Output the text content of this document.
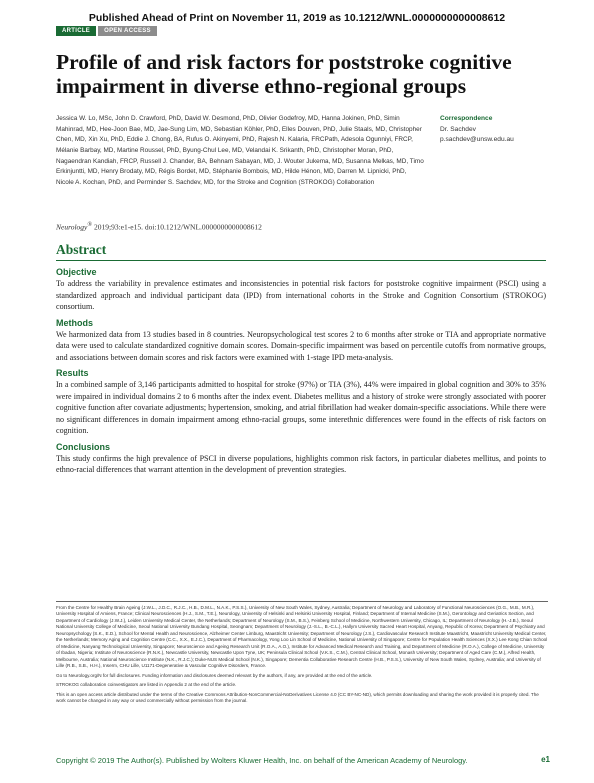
Published Ahead of Print on November 11, 2019 as 10.1212/WNL.0000000000008612
ARTICLE	OPEN ACCESS
Profile of and risk factors for poststroke cognitive impairment in diverse ethno-regional groups
Jessica W. Lo, MSc, John D. Crawford, PhD, David W. Desmond, PhD, Olivier Godefroy, MD, Hanna Jokinen, PhD, Simin Mahinrad, MD, Hee-Joon Bae, MD, Jae-Sung Lim, MD, Sebastian Köhler, PhD, Elles Douven, PhD, Julie Staals, MD, Christopher Chen, MD, Xin Xu, PhD, Eddie J. Chong, BA, Rufus O. Akinyemi, PhD, Rajesh N. Kalaria, FRCPath, Adesola Ogunniyi, FRCP, Mélanie Barbay, MD, Martine Roussel, PhD, Byung-Chul Lee, MD, Velandai K. Srikanth, PhD, Christopher Moran, PhD, Nagaendran Kandiah, FRCP, Russell J. Chander, BA, Behnam Sabayan, MD, J. Wouter Jukema, MD, Susanna Melkas, MD, Timo Erkinjuntti, MD, Henry Brodaty, MD, Régis Bordet, MD, Stéphanie Bombois, MD, Hilde Hénon, MD, Darren M. Lipnicki, PhD, Nicole A. Kochan, PhD, and Perminder S. Sachdev, MD, for the Stroke and Cognition (STROKOG) Collaboration
Correspondence
Dr. Sachdev
p.sachdev@unsw.edu.au
Neurology® 2019;93:e1-e15. doi:10.1212/WNL.0000000000008612
Abstract
Objective

To address the variability in prevalence estimates and inconsistencies in potential risk factors for poststroke cognitive impairment (PSCI) using a standardized approach and individual participant data (IPD) from international cohorts in the Stroke and Cognition Consortium (STROKOG) consortium.

Methods

We harmonized data from 13 studies based in 8 countries. Neuropsychological test scores 2 to 6 months after stroke or TIA and appropriate normative data were used to calculate standardized cognitive domain scores. Domain-specific impairment was based on percentile cutoffs from normative groups, and associations between domain scores and risk factors were examined with 1-stage IPD meta-analysis.

Results

In a combined sample of 3,146 participants admitted to hospital for stroke (97%) or TIA (3%), 44% were impaired in global cognition and 30% to 35% were impaired in individual domains 2 to 6 months after the index event. Diabetes mellitus and a history of stroke were strongly associated with poorer cognitive function after covariate adjustments; hypertension, smoking, and atrial fibrillation had weaker domain-specific associations. While there were no significant differences in domain impairment among ethno-racial groups, some interethnic differences were found in the effects of risk factors on cognition.

Conclusions

This study confirms the high prevalence of PSCI in diverse populations, highlights common risk factors, in particular diabetes mellitus, and points to ethno-racial differences that warrant attention in the development of prevention strategies.

From the Centre for Healthy Brain Ageing (J.W.L., J.D.C., R.J.C., H.B., D.M.L., N.A.K., P.S.S.), University of New South Wales, Sydney, Australia; Department of Neurology and Laboratory of Functional Neurosciences (O.G., M.B., M.R.), University Hospital of Amiens, France; Clinical Neurosciences (H.J., S.M., T.E.), Neurology, University of Helsinki and Helsinki University Hospital, Finland; Department of Internal Medicine (S.M.), Gerontology and Geriatrics Section, and Department of Cardiology (J.W.J.), Leiden University Medical Center, the Netherlands; Department of Neurology (S.M., B.S.), Feinberg School of Medicine, Northwestern University, Chicago, IL; Department of Neurology (H.-J.B.), Seoul National University College of Medicine, Seoul National University Bundang Hospital, Seongnam; Department of Neurology (J.-S.L., B.-C.L.), Hallym University Sacred Heart Hospital, Anyang, Republic of Korea; Department of Psychiatry and Neuropsychology (S.K., E.D.), School for Mental Health and Neuroscience, Alzheimer Center Limburg, Maastricht University; Department of Neurology (J.S.), Cardiovascular Research Institute Maastricht, Maastricht University Medical Center, the Netherlands; Memory Aging and Cognition Centre (C.C., X.X., E.J.C.), Department of Pharmacology, Yong Loo Lin School of Medicine, National University of Singapore; Centre for Population Health Sciences (X.X.) Lee Kong Chian School of Medicine, Nanyang Technological University, Singapore; Neuroscience and Ageing Research Unit (R.O.A., A.O.), Institute for Advanced Medical Research and Training, and Department of Medicine (R.O.A.), College of Medicine, University of Ibadan, Nigeria; Institute of Neuroscience (R.N.K.), Newcastle University, Newcastle Upon Tyne, UK; Peninsula Clinical School (V.K.S., C.M.), Central Clinical School, Monash University; Department of Aged Care (C.M.), Alfred Health, Melbourne, Australia; National Neuroscience Institute (N.K., R.J.C.); Duke-NUS Medical School (N.K.), Singapore; Dementia Collaborative Research Centre (H.B., P.S.S.), University of New South Wales, Sydney, Australia; and University of Lille (R.B., S.B., H.H.), Inserm, CHU Lille, U1171-Degenerative & Vascular Cognitive Disorders, France.

Go to Neurology.org/N for full disclosures. Funding information and disclosures deemed relevant by the authors, if any, are provided at the end of the article.

STROKOG collaboration coinvestigators are listed in Appendix 2 at the end of the article.

This is an open access article distributed under the terms of the Creative Commons Attribution-NonCommercial-NoDerivatives License 4.0 (CC BY-NC-ND), which permits downloading and sharing the work provided it is properly cited. The work cannot be changed in any way or used commercially without permission from the journal.

Copyright © 2019 The Author(s). Published by Wolters Kluwer Health, Inc. on behalf of the American Academy of Neurology.	e1
